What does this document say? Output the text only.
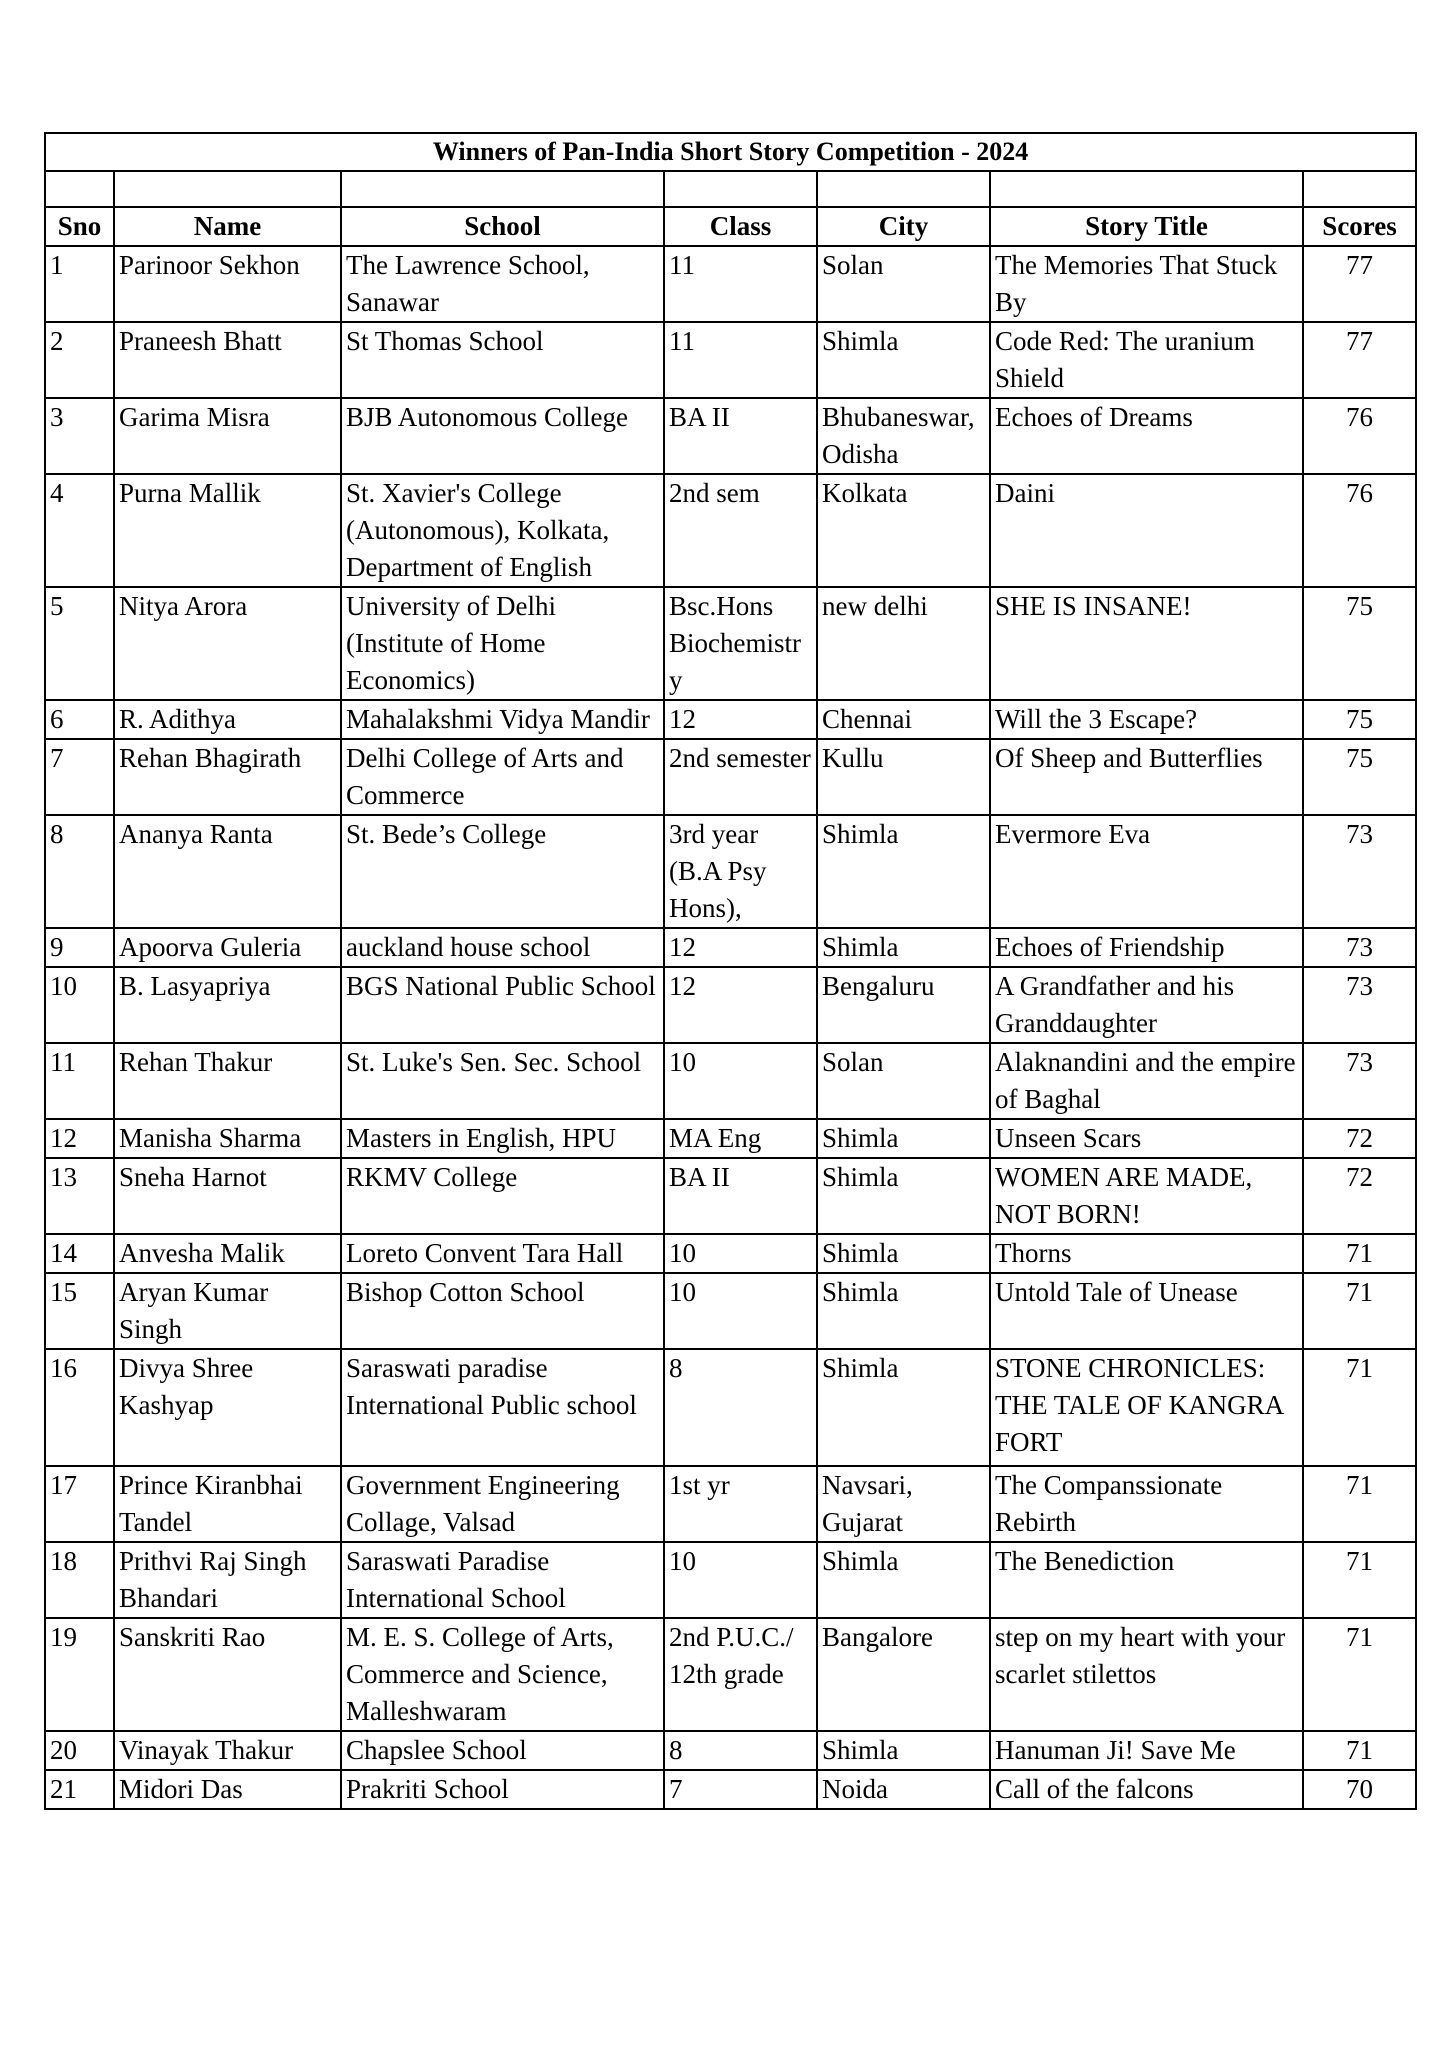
Winners of Pan-India Short Story Competition - 2024						

Sno	Name	School	Class	City	Story Title	Scores
1	Parinoor Sekhon	The Lawrence School, Sanawar	11	Solan	The Memories That Stuck By	77
2	Praneesh Bhatt	St Thomas School	11	Shimla	Code Red: The uranium Shield	77
3	Garima Misra	BJB Autonomous College	BA II	Bhubaneswar, Odisha	Echoes of Dreams	76
4	Purna Mallik	St. Xavier's College (Autonomous), Kolkata, Department of English	2nd sem	Kolkata	Daini	76
5	Nitya Arora	University of Delhi (Institute of Home Economics)	Bsc.Hons Biochemistry	new delhi	SHE IS INSANE!	75
6	R. Adithya	Mahalakshmi Vidya Mandir	12	Chennai	Will the 3 Escape?	75
7	Rehan Bhagirath	Delhi College of Arts and Commerce	2nd semester	Kullu	Of Sheep and Butterflies	75
8	Ananya Ranta	St. Bede’s College	3rd year (B.A Psy Hons),	Shimla	Evermore Eva	73
9	Apoorva Guleria	auckland house school	12	Shimla	Echoes of Friendship	73
10	B. Lasyapriya	BGS National Public School	12	Bengaluru	A Grandfather and his Granddaughter	73
11	Rehan Thakur	St. Luke's Sen. Sec. School	10	Solan	Alaknandini and the empire of Baghal	73
12	Manisha Sharma	Masters in English, HPU	MA Eng	Shimla	Unseen Scars	72
13	Sneha Harnot	RKMV College	BA II	Shimla	WOMEN ARE MADE, NOT BORN!	72
14	Anvesha Malik	Loreto Convent Tara Hall	10	Shimla	Thorns	71
15	Aryan Kumar Singh	Bishop Cotton School	10	Shimla	Untold Tale of Unease	71
16	Divya Shree Kashyap	Saraswati paradise International Public school	8	Shimla	STONE CHRONICLES: THE TALE OF KANGRA FORT	71
17	Prince Kiranbhai Tandel	Government Engineering Collage, Valsad	1st yr	Navsari, Gujarat	The Companssionate Rebirth	71
18	Prithvi Raj Singh Bhandari	Saraswati Paradise International School	10	Shimla	The Benediction	71
19	Sanskriti Rao	M. E. S. College of Arts, Commerce and Science, Malleshwaram	2nd P.U.C./ 12th grade	Bangalore	step on my heart with your scarlet stilettos	71
20	Vinayak Thakur	Chapslee School	8	Shimla	Hanuman Ji! Save Me	71
21	Midori Das	Prakriti School	7	Noida	Call of the falcons	70
